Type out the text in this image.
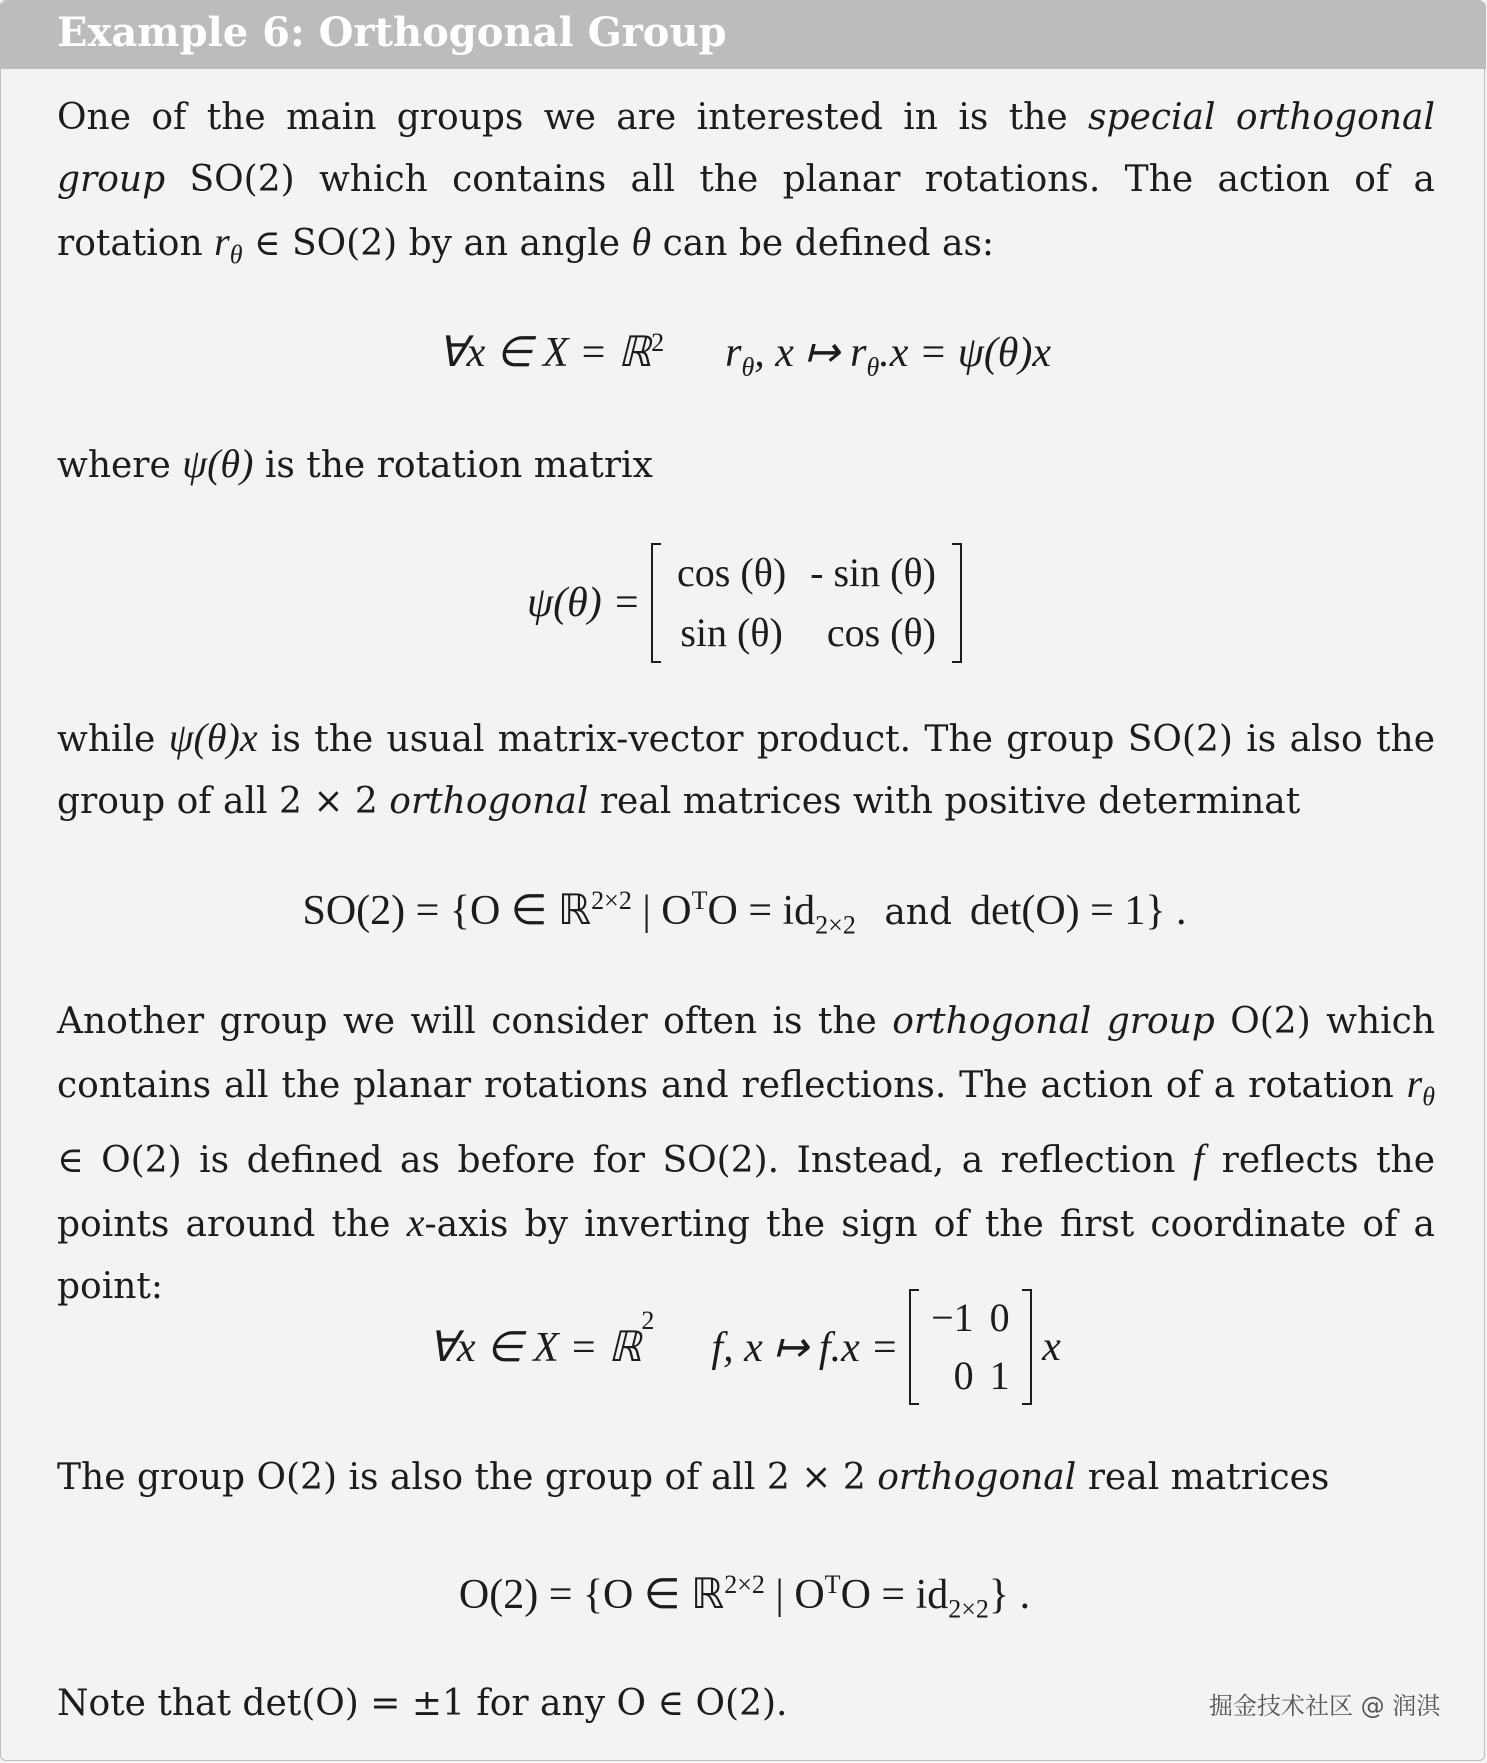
Example 6: Orthogonal Group
One of the main groups we are interested in is the special orthogonal group SO(2) which contains all the planar rotations. The action of a rotation $r_\theta$ ∈ SO(2) by an angle θ can be defined as:
∀x ∈ X = ℝ$^2$ $r_\theta$, x ↦ $r_\theta.x = \psi(\theta)x$
where ψ(θ) is the rotation matrix
ψ(θ) =
cos (θ)	- sin (θ)
sin (θ)	cos (θ)
while ψ(θ)x is the usual matrix-vector product. The group SO(2) is also the group of all 2 × 2 orthogonal real matrices with positive determinat
SO(2) = {O ∈ ℝ$^{2\times 2}$ | $O^TO = id_{2\times 2}$ and det(O) = 1} .
Another group we will consider often is the orthogonal group O(2) which contains all the planar rotations and reflections. The action of a rotation $r_\theta$ ∈ O(2) is defined as before for SO(2). Instead, a reflection f reflects the points around the x-axis by inverting the sign of the first coordinate of a point:
∀x ∈ X = ℝ$^2$  f, x ↦ f.x =
−1	0
0	1
x
The group O(2) is also the group of all 2 × 2 orthogonal real matrices
O(2) = {O ∈ ℝ$^{2\times 2}$ | $O^TO = id_{2\times 2}$} .
Note that det(O) = ±1 for any O ∈ O(2).	掘金技术社区 @ 润淇
